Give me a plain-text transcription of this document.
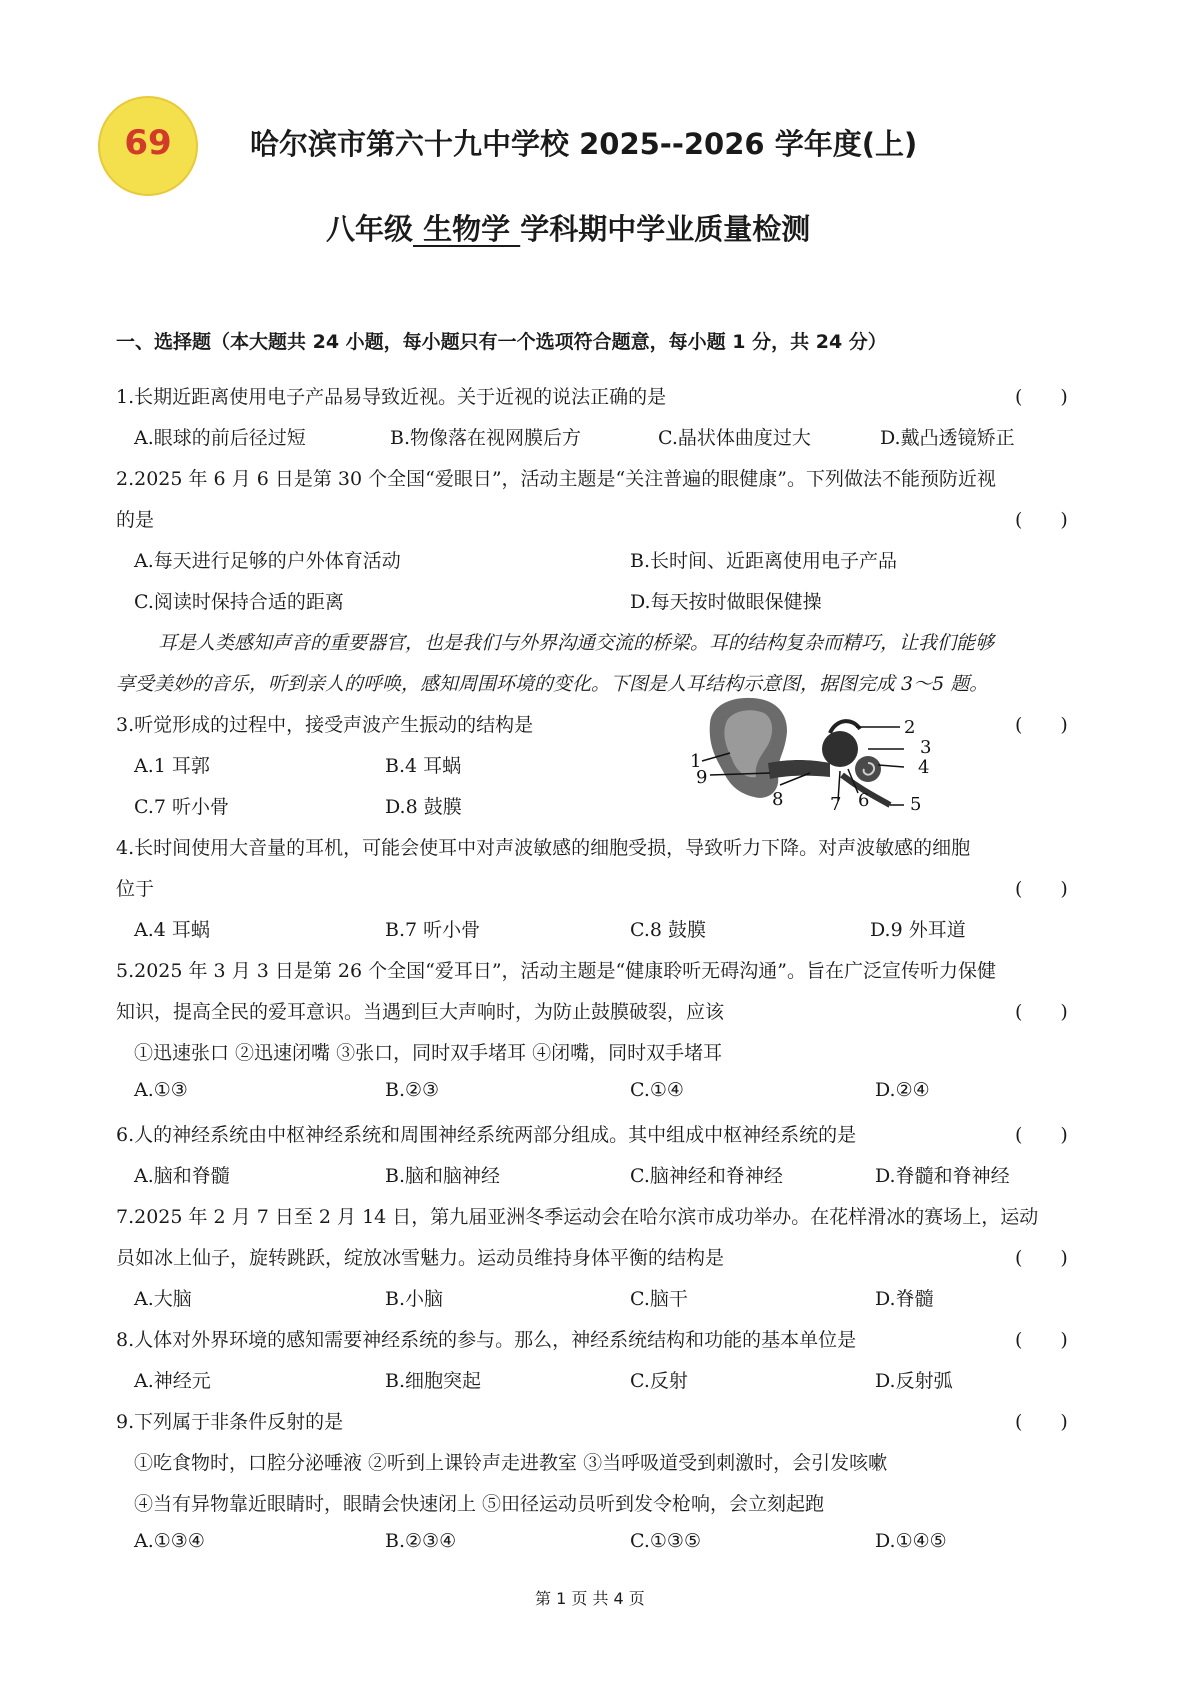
69	哈尔滨市第六十九中学校 2025--2026 学年度(上)
八年级 生物学 学科期中学业质量检测
一、选择题（本大题共 24 小题，每小题只有一个选项符合题意，每小题 1 分，共 24 分）
1.长期近距离使用电子产品易导致近视。关于近视的说法正确的是	(　　)
A.眼球的前后径过短	B.物像落在视网膜后方	C.晶状体曲度过大	D.戴凸透镜矫正
2.2025 年 6 月 6 日是第 30 个全国“爱眼日”，活动主题是“关注普遍的眼健康”。下列做法不能预防近视
的是	(　　)
A.每天进行足够的户外体育活动	B.长时间、近距离使用电子产品
C.阅读时保持合适的距离	D.每天按时做眼保健操
耳是人类感知声音的重要器官，也是我们与外界沟通交流的桥梁。耳的结构复杂而精巧，让我们能够
享受美妙的音乐，听到亲人的呼唤，感知周围环境的变化。下图是人耳结构示意图，据图完成 3～5 题。
3.听觉形成的过程中，接受声波产生振动的结构是	(　　)
A.1 耳郭	B.4 耳蜗
C.7 听小骨	D.8 鼓膜
2
3
4
5
1
9
8	7 6
4.长时间使用大音量的耳机，可能会使耳中对声波敏感的细胞受损，导致听力下降。对声波敏感的细胞
位于	(　　)
A.4 耳蜗	B.7 听小骨	C.8 鼓膜	D.9 外耳道
5.2025 年 3 月 3 日是第 26 个全国“爱耳日”，活动主题是“健康聆听无碍沟通”。旨在广泛宣传听力保健
知识，提高全民的爱耳意识。当遇到巨大声响时，为防止鼓膜破裂，应该	(　　)
①迅速张口 ②迅速闭嘴 ③张口，同时双手堵耳 ④闭嘴，同时双手堵耳
A.①③	B.②③	C.①④	D.②④
6.人的神经系统由中枢神经系统和周围神经系统两部分组成。其中组成中枢神经系统的是	(　　)
A.脑和脊髓	B.脑和脑神经	C.脑神经和脊神经	D.脊髓和脊神经
7.2025 年 2 月 7 日至 2 月 14 日，第九届亚洲冬季运动会在哈尔滨市成功举办。在花样滑冰的赛场上，运动
员如冰上仙子，旋转跳跃，绽放冰雪魅力。运动员维持身体平衡的结构是	(　　)
A.大脑	B.小脑	C.脑干	D.脊髓
8.人体对外界环境的感知需要神经系统的参与。那么，神经系统结构和功能的基本单位是	(　　)
A.神经元	B.细胞突起	C.反射	D.反射弧
9.下列属于非条件反射的是	(　　)
①吃食物时，口腔分泌唾液 ②听到上课铃声走进教室 ③当呼吸道受到刺激时，会引发咳嗽
④当有异物靠近眼睛时，眼睛会快速闭上 ⑤田径运动员听到发令枪响，会立刻起跑
A.①③④	B.②③④	C.①③⑤	D.①④⑤
第 1 页 共 4 页
